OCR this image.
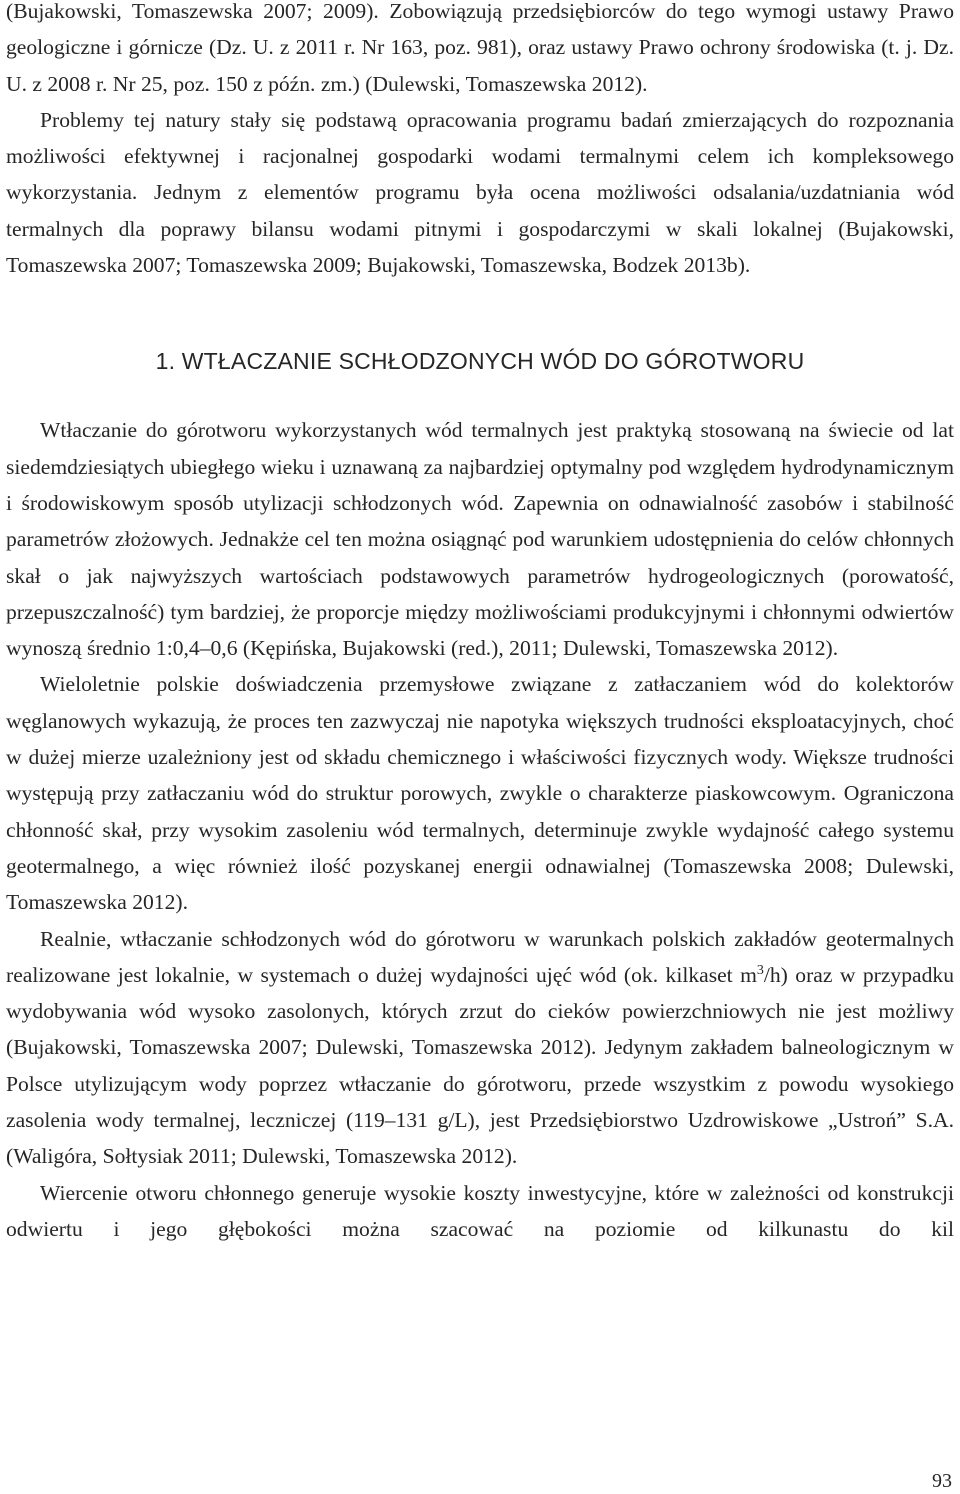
(Bujakowski, Tomaszewska 2007; 2009). Zobowiązują przedsiębiorców do tego wymogi ustawy Prawo geologiczne i górnicze (Dz. U. z 2011 r. Nr 163, poz. 981), oraz ustawy Prawo ochrony środowiska (t. j. Dz. U. z 2008 r. Nr 25, poz. 150 z późn. zm.) (Dulewski, Tomaszewska 2012).

Problemy tej natury stały się podstawą opracowania programu badań zmierzających do rozpoznania możliwości efektywnej i racjonalnej gospodarki wodami termalnymi celem ich kompleksowego wykorzystania. Jednym z elementów programu była ocena możliwości odsalania/uzdatniania wód termalnych dla poprawy bilansu wodami pitnymi i gospodarczymi w skali lokalnej (Bujakowski, Tomaszewska 2007; Tomaszewska 2009; Bujakowski, Tomaszewska, Bodzek 2013b).

1. WTŁACZANIE SCHŁODZONYCH WÓD DO GÓROTWORU

Wtłaczanie do górotworu wykorzystanych wód termalnych jest praktyką stosowaną na świecie od lat siedemdziesiątych ubiegłego wieku i uznawaną za najbardziej optymalny pod względem hydrodynamicznym i środowiskowym sposób utylizacji schłodzonych wód. Zapewnia on odnawialność zasobów i stabilność parametrów złożowych. Jednakże cel ten można osiągnąć pod warunkiem udostępnienia do celów chłonnych skał o jak najwyższych wartościach podstawowych parametrów hydrogeologicznych (porowatość, przepuszczalność) tym bardziej, że proporcje między możliwościami produkcyjnymi i chłonnymi odwiertów wynoszą średnio 1:0,4–0,6 (Kępińska, Bujakowski (red.), 2011; Dulewski, Tomaszewska 2012).

Wieloletnie polskie doświadczenia przemysłowe związane z zatłaczaniem wód do kolektorów węglanowych wykazują, że proces ten zazwyczaj nie napotyka większych trudności eksploatacyjnych, choć w dużej mierze uzależniony jest od składu chemicznego i właściwości fizycznych wody. Większe trudności występują przy zatłaczaniu wód do struktur porowych, zwykle o charakterze piaskowcowym. Ograniczona chłonność skał, przy wysokim zasoleniu wód termalnych, determinuje zwykle wydajność całego systemu geotermalnego, a więc również ilość pozyskanej energii odnawialnej (Tomaszewska 2008; Dulewski, Tomaszewska 2012).

Realnie, wtłaczanie schłodzonych wód do górotworu w warunkach polskich zakładów geotermalnych realizowane jest lokalnie, w systemach o dużej wydajności ujęć wód (ok. kilkaset $m^3/h$) oraz w przypadku wydobywania wód wysoko zasolonych, których zrzut do cieków powierzchniowych nie jest możliwy (Bujakowski, Tomaszewska 2007; Dulewski, Tomaszewska 2012). Jedynym zakładem balneologicznym w Polsce utylizującym wody poprzez wtłaczanie do górotworu, przede wszystkim z powodu wysokiego zasolenia wody termalnej, leczniczej (119–131 g/L), jest Przedsiębiorstwo Uzdrowiskowe „Ustroń” S.A. (Waligóra, Sołtysiak 2011; Dulewski, Tomaszewska 2012).

Wiercenie otworu chłonnego generuje wysokie koszty inwestycyjne, które w zależności od konstrukcji odwiertu i jego głębokości można szacować na poziomie od kilkunastu do kil

93
